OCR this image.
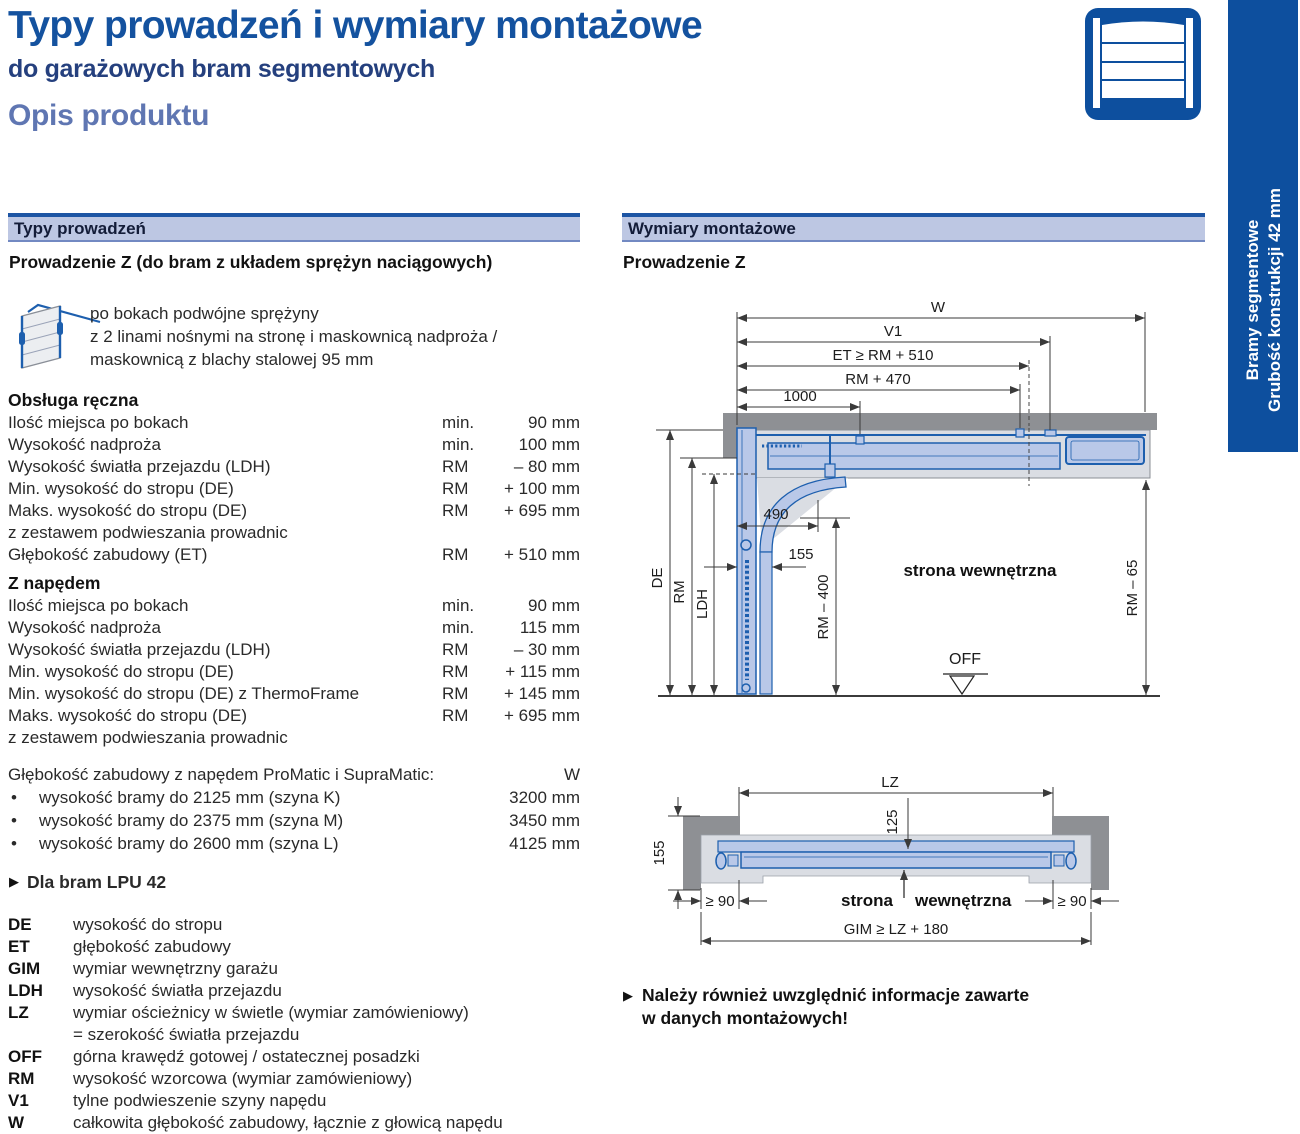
Typy prowadzeń i wymiary montażowe
do garażowych bram segmentowych
Opis produktu
Bramy segmentowe Grubość konstrukcji 42 mm
Typy prowadzeń
Prowadzenie Z (do bram z układem sprężyn naciągowych)
po bokach podwójne sprężyny
z 2 linami nośnymi na stronę i maskownicą nadproża /
maskownicą z blachy stalowej 95 mm
Obsługa ręczna
Ilość miejsca po bokach	min.	90 mm
Wysokość nadproża	min.	100 mm
Wysokość światła przejazdu (LDH)	RM	– 80 mm
Min. wysokość do stropu (DE)	RM	+ 100 mm
Maks. wysokość do stropu (DE)	RM	+ 695 mm
z zestawem podwieszania prowadnic
Głębokość zabudowy (ET)	RM	+ 510 mm
Z napędem
Ilość miejsca po bokach	min.	90 mm
Wysokość nadproża	min.	115 mm
Wysokość światła przejazdu (LDH)	RM	– 30 mm
Min. wysokość do stropu (DE)	RM	+ 115 mm
Min. wysokość do stropu (DE) z ThermoFrame	RM	+ 145 mm
Maks. wysokość do stropu (DE)	RM	+ 695 mm
z zestawem podwieszania prowadnic
Głębokość zabudowy z napędem ProMatic i SupraMatic:	W
•	wysokość bramy do 2125 mm (szyna K)	3200 mm
•	wysokość bramy do 2375 mm (szyna M)	3450 mm
•	wysokość bramy do 2600 mm (szyna L)	4125 mm
▶ Dla bram LPU 42
DE	wysokość do stropu
ET	głębokość zabudowy
GIM	wymiar wewnętrzny garażu
LDH	wysokość światła przejazdu
LZ	wymiar ościeżnicy w świetle (wymiar zamówieniowy)
= szerokość światła przejazdu
OFF	górna krawędź gotowej / ostatecznej posadzki
RM	wysokość wzorcowa (wymiar zamówieniowy)
V1	tylne podwieszenie szyny napędu
W	całkowita głębokość zabudowy, łącznie z głowicą napędu
Wymiary montażowe
Prowadzenie Z
W
V1
ET ≥ RM + 510
RM + 470
1000
DE
RM LDH
490
155
RM – 400	RM – 65
strona wewnętrzna
OFF
LZ
125
155
≥ 90	≥ 90
strona wewnętrzna
GIM ≥ LZ + 180
▶ Należy również uwzględnić informacje zawarte
w danych montażowych!
